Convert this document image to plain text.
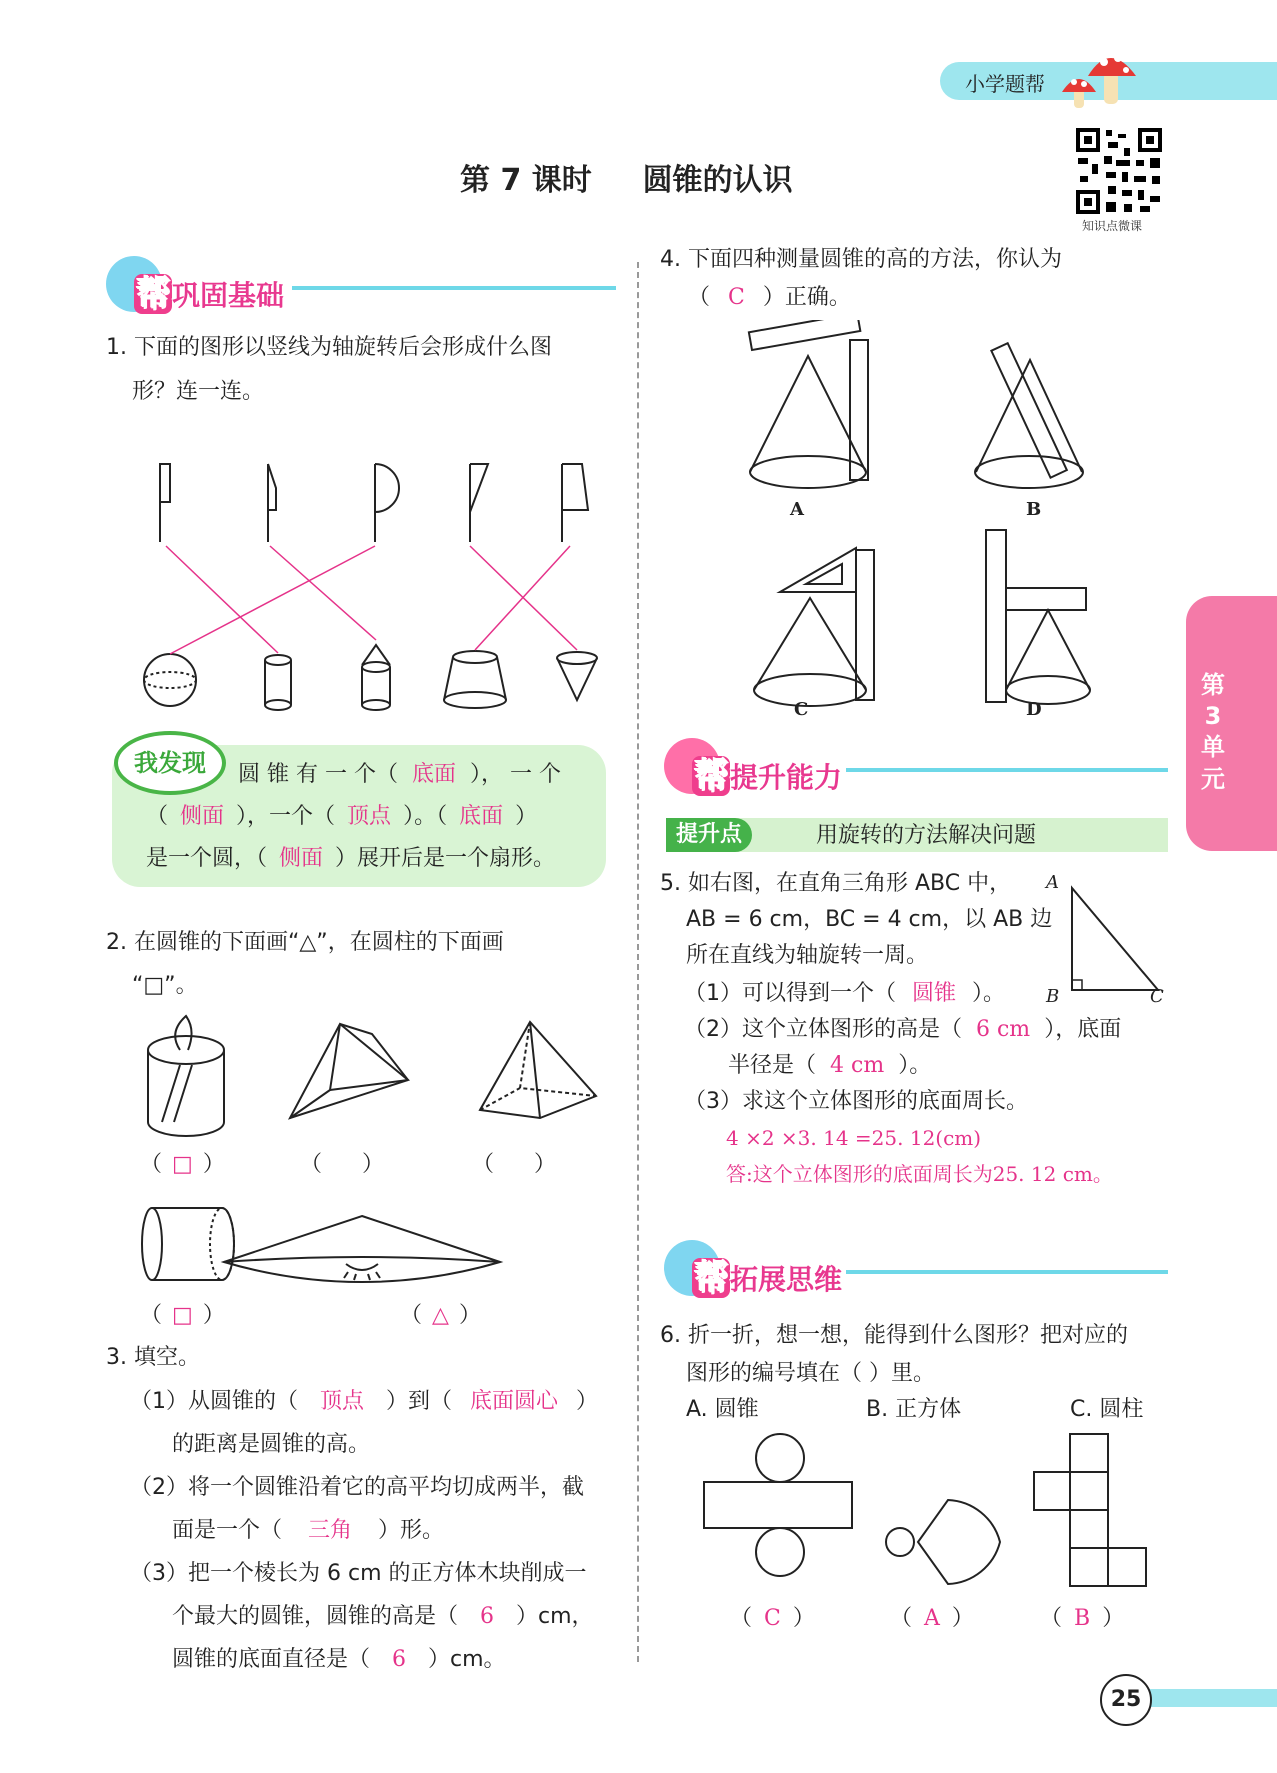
小学题帮
第 7 课时 圆锥的认识
知识点微课
第3单元
帮巩固基础
1. 下面的图形以竖线为轴旋转后会形成什么图
形？连一连。
我发现	圆 锥 有 一 个（ 底面 ）， 一 个
（ 侧面 ），一个（ 顶点 ）。（ 底面 ）
是一个圆，（ 侧面 ）展开后是一个扇形。
2. 在圆锥的下面画“△”，在圆柱的下面画
“□”。
（ □ ）	（ ）	（ ）
（ □ ）	（ △ ）
3. 填空。
（1）从圆锥的（ 顶点 ）到（ 底面圆心 ）
的距离是圆锥的高。
（2）将一个圆锥沿着它的高平均切成两半，截
面是一个（ 三角 ）形。
（3）把一个棱长为 6 cm 的正方体木块削成一
个最大的圆锥，圆锥的高是（ 6 ）cm，
圆锥的底面直径是（ 6 ）cm。
4. 下面四种测量圆锥的高的方法，你认为
（ C ）正确。
A	B
C	D
帮提升能力
提升点	用旋转的方法解决问题
5. 如右图，在直角三角形 ABC 中，
AB = 6 cm，BC = 4 cm，以 AB 边
所在直线为轴旋转一周。
A
B	C
（1）可以得到一个（ 圆锥 ）。
（2）这个立体图形的高是（ 6 cm ），底面
半径是（ 4 cm ）。
（3）求这个立体图形的底面周长。
4 ×2 ×3. 14 =25. 12(cm)
答:这个立体图形的底面周长为25. 12 cm。
帮拓展思维
6. 折一折，想一想，能得到什么图形？把对应的
图形的编号填在（ ）里。
A. 圆锥	B. 正方体	C. 圆柱
（ C ）	（ A ）	（ B ）
25
